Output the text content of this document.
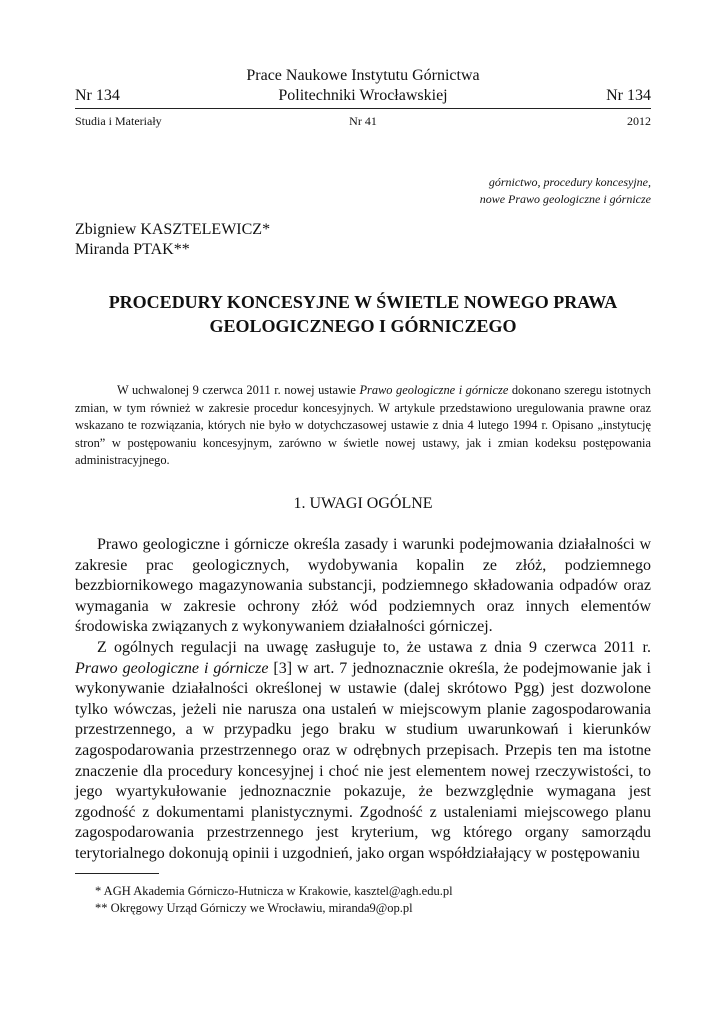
Prace Naukowe Instytutu Górnictwa
Nr 134	Politechniki Wrocławskiej	Nr 134
Studia i Materiały	Nr 41	2012
górnictwo, procedury koncesyjne,
nowe Prawo geologiczne i górnicze
Zbigniew KASZTELEWICZ*
Miranda PTAK**
PROCEDURY KONCESYJNE W ŚWIETLE NOWEGO PRAWA
GEOLOGICZNEGO I GÓRNICZEGO

W uchwalonej 9 czerwca 2011 r. nowej ustawie Prawo geologiczne i górnicze dokonano szeregu istotnych zmian, w tym również w zakresie procedur koncesyjnych. W artykule przedstawiono uregulowania prawne oraz wskazano te rozwiązania, których nie było w dotychczasowej ustawie z dnia 4 lutego 1994 r. Opisano „instytucję stron” w postępowaniu koncesyjnym, zarówno w świetle nowej ustawy, jak i zmian kodeksu postępowania administracyjnego.

1. UWAGI OGÓLNE

Prawo geologiczne i górnicze określa zasady i warunki podejmowania działalności w zakresie prac geologicznych, wydobywania kopalin ze złóż, podziemnego bezzbiornikowego magazynowania substancji, podziemnego składowania odpadów oraz wymagania w zakresie ochrony złóż wód podziemnych oraz innych elementów środowiska związanych z wykonywaniem działalności górniczej.

Z ogólnych regulacji na uwagę zasługuje to, że ustawa z dnia 9 czerwca 2011 r. Prawo geologiczne i górnicze [3] w art. 7 jednoznacznie określa, że podejmowanie jak i wykonywanie działalności określonej w ustawie (dalej skrótowo Pgg) jest dozwolone tylko wówczas, jeżeli nie narusza ona ustaleń w miejscowym planie zagospodarowania przestrzennego, a w przypadku jego braku w studium uwarunkowań i kierunków zagospodarowania przestrzennego oraz w odrębnych przepisach. Przepis ten ma istotne znaczenie dla procedury koncesyjnej i choć nie jest elementem nowej rzeczywistości, to jego wyartykułowanie jednoznacznie pokazuje, że bezwzględnie wymagana jest zgodność z dokumentami planistycznymi. Zgodność z ustaleniami miejscowego planu zagospodarowania przestrzennego jest kryterium, wg którego organy samorządu terytorialnego dokonują opinii i uzgodnień, jako organ współdziałający w postępowaniu

* AGH Akademia Górniczo-Hutnicza w Krakowie, kasztel@agh.edu.pl
** Okręgowy Urząd Górniczy we Wrocławiu, miranda9@op.pl
